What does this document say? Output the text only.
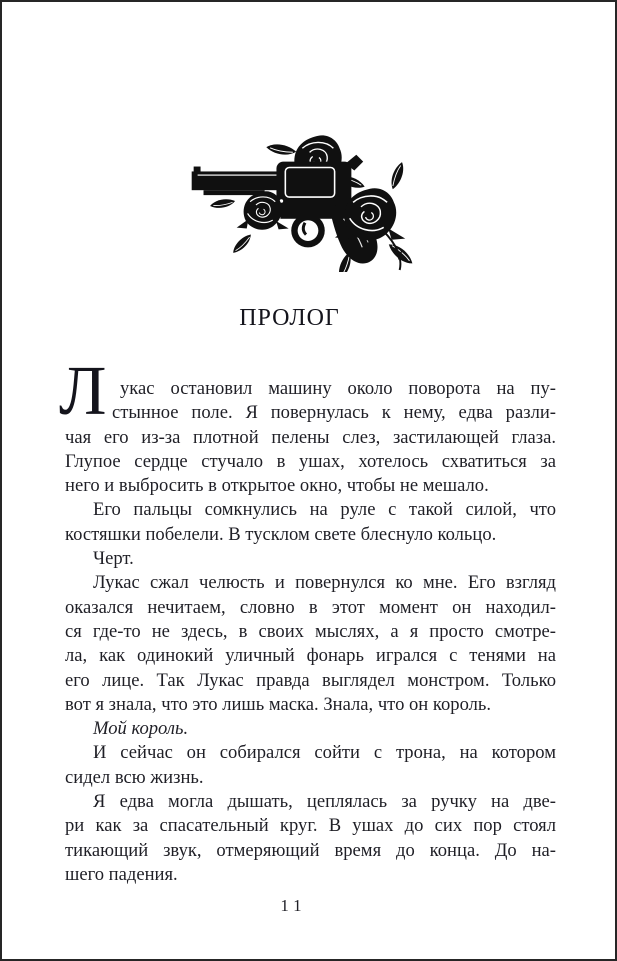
ПРОЛОГ
Л укас остановил машину около поворота на пу-
стынное поле. Я повернулась к нему, едва разли-
чая его из-за плотной пелены слез, застилающей глаза.
Глупое сердце стучало в ушах, хотелось схватиться за
него и выбросить в открытое окно, чтобы не мешало.
Его пальцы сомкнулись на руле с такой силой, что
костяшки побелели. В тусклом свете блеснуло кольцо.
Черт.
Лукас сжал челюсть и повернулся ко мне. Его взгляд
оказался нечитаем, словно в этот момент он находил-
ся где-то не здесь, в своих мыслях, а я просто смотре-
ла, как одинокий уличный фонарь игрался с тенями на
его лице. Так Лукас правда выглядел монстром. Только
вот я знала, что это лишь маска. Знала, что он король.
Мой король.
И сейчас он собирался сойти с трона, на котором
сидел всю жизнь.
Я едва могла дышать, цеплялась за ручку на две-
ри как за спасательный круг. В ушах до сих пор стоял
тикающий звук, отмеряющий время до конца. До на-
шего падения.
11
